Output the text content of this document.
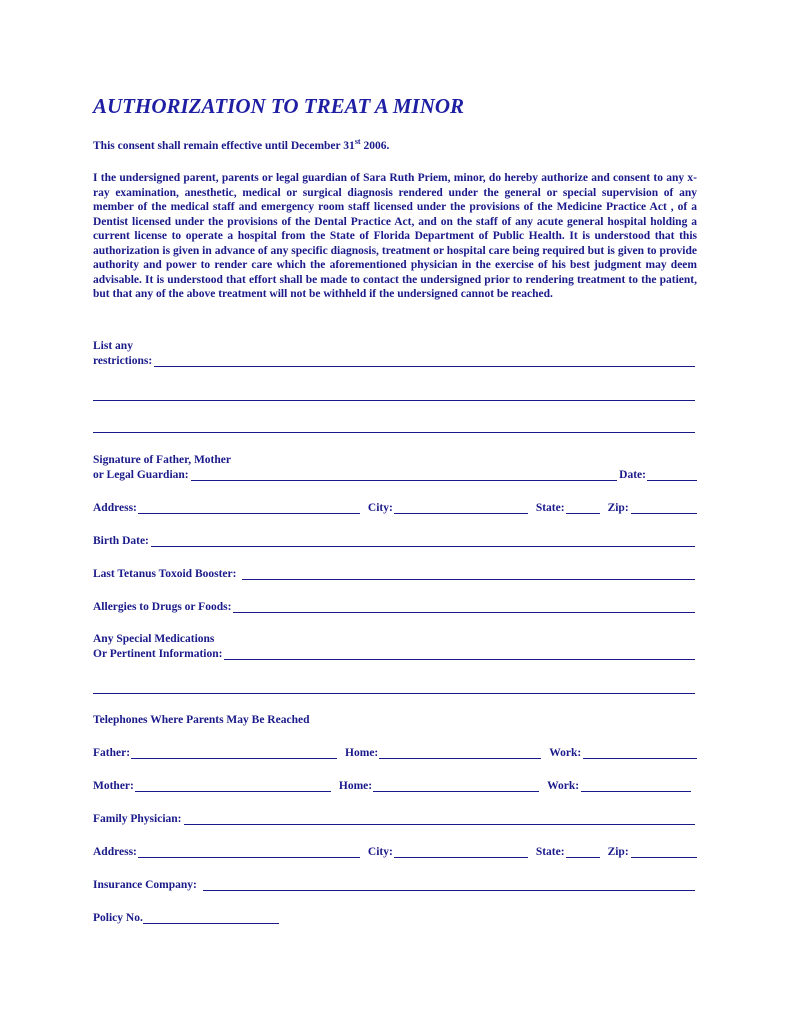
AUTHORIZATION TO TREAT A MINOR
This consent shall remain effective until December 31st 2006.
I the undersigned parent, parents or legal guardian of Sara Ruth Priem, minor, do hereby authorize and consent to any x-ray examination, anesthetic, medical or surgical diagnosis rendered under the general or special supervision of any member of the medical staff and emergency room staff licensed under the provisions of the Medicine Practice Act , of a Dentist licensed under the provisions of the Dental Practice Act, and on the staff of any acute general hospital holding a current license to operate a hospital from the State of Florida Department of Public Health. It is understood that this authorization is given in advance of any specific diagnosis, treatment or hospital care being required but is given to provide authority and power to render care which the aforementioned physician in the exercise of his best judgment may deem advisable. It is understood that effort shall be made to contact the undersigned prior to rendering treatment to the patient, but that any of the above treatment will not be withheld if the undersigned cannot be reached.
List any
restrictions:
Signature of Father, Mother
or Legal Guardian:	Date:
Address:	City:	State:	Zip:
Birth Date:
Last Tetanus Toxoid Booster:
Allergies to Drugs or Foods:
Any Special Medications
Or Pertinent Information:
Telephones Where Parents May Be Reached
Father:	Home:	Work:
Mother:	Home:	Work:
Family Physician:
Address:	City:	State:	Zip:
Insurance Company:
Policy No.
